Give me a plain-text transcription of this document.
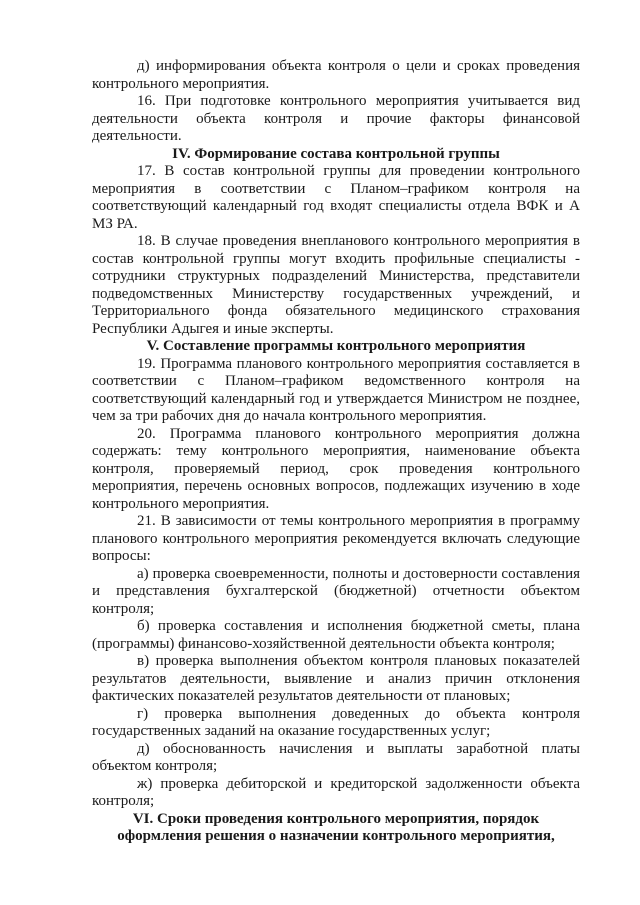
д) информирования объекта контроля о цели и сроках проведения контрольного мероприятия.

16. При подготовке контрольного мероприятия учитывается вид деятельности объекта контроля и прочие факторы финансовой деятельности.

IV. Формирование состава контрольной группы

17. В состав контрольной группы для проведении контрольного мероприятия в соответствии с Планом–графиком контроля на соответствующий календарный год входят специалисты отдела ВФК и А МЗ РА.

18. В случае проведения внепланового контрольного мероприятия в состав контрольной группы могут входить профильные специалисты - сотрудники структурных подразделений Министерства, представители подведомственных Министерству государственных учреждений, и Территориального фонда обязательного медицинского страхования Республики Адыгея и иные эксперты.

V. Составление программы контрольного мероприятия

19. Программа планового контрольного мероприятия составляется в соответствии с Планом–графиком ведомственного контроля на соответствующий календарный год и утверждается Министром не позднее, чем за три рабочих дня до начала контрольного мероприятия.

20. Программа планового контрольного мероприятия должна содержать: тему контрольного мероприятия, наименование объекта контроля, проверяемый период, срок проведения контрольного мероприятия, перечень основных вопросов, подлежащих изучению в ходе контрольного мероприятия.

21. В зависимости от темы контрольного мероприятия в программу планового контрольного мероприятия рекомендуется включать следующие вопросы:

а) проверка своевременности, полноты и достоверности составления и представления бухгалтерской (бюджетной) отчетности объектом контроля;

б) проверка составления и исполнения бюджетной сметы, плана (программы) финансово-хозяйственной деятельности объекта контроля;

в) проверка выполнения объектом контроля плановых показателей результатов деятельности, выявление и анализ причин отклонения фактических показателей результатов деятельности от плановых;

г) проверка выполнения доведенных до объекта контроля государственных заданий на оказание государственных услуг;

д) обоснованность начисления и выплаты заработной платы объектом контроля;

ж) проверка дебиторской и кредиторской задолженности объекта контроля;

VI. Сроки проведения контрольного мероприятия, порядок оформления решения о назначении контрольного мероприятия,
